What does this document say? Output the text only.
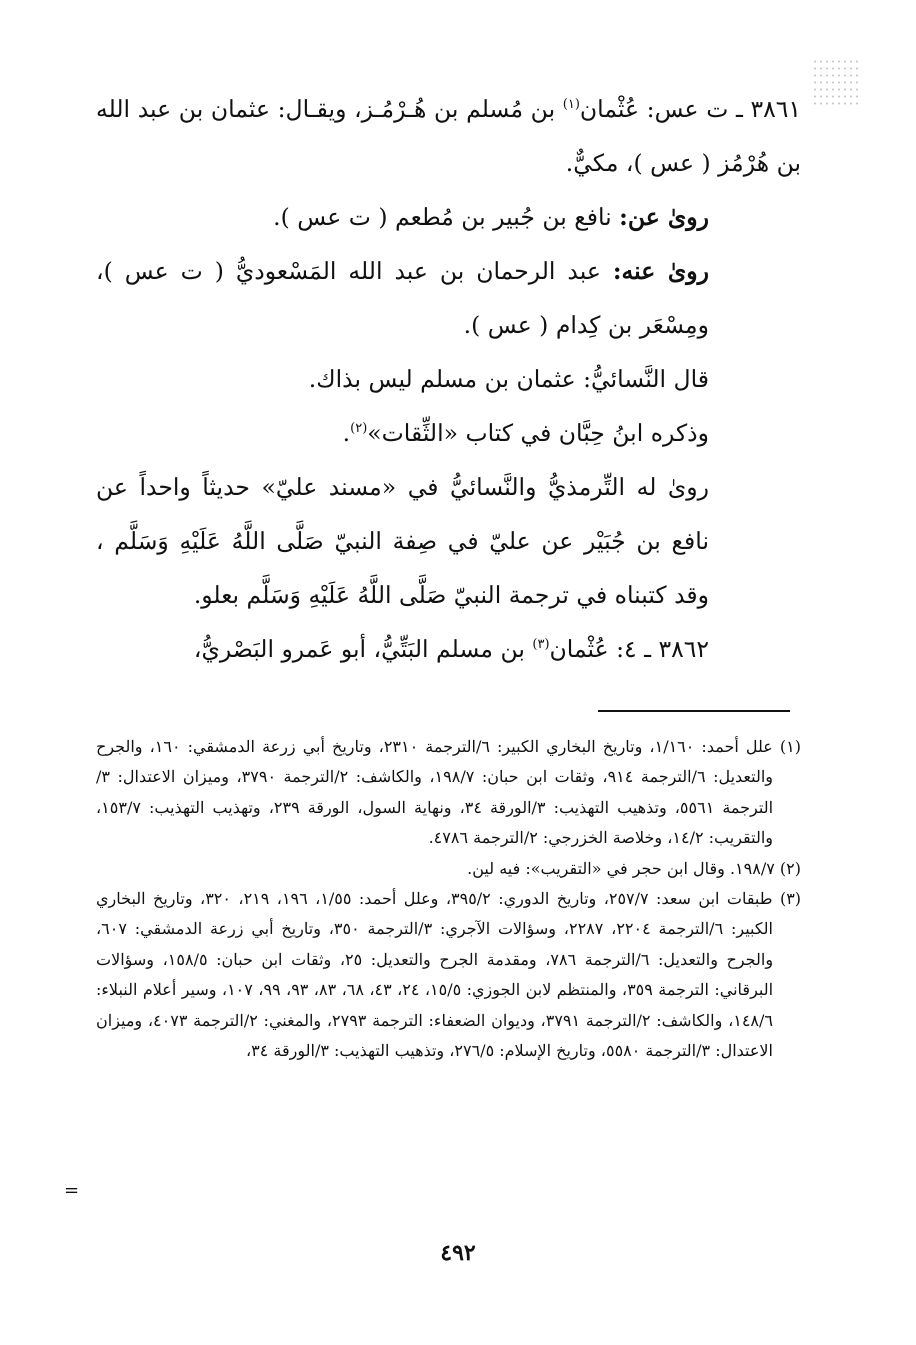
٣٨٦١ ـ ت عس: عُثْمان$^{(١)}$ بن مُسلم بن هُـرْمُـز، ويقـال: عثمان بن عبد الله بن هُرْمُز ( عس )، مكيٌّ.

روىٰ عن: نافع بن جُبير بن مُطعم ( ت عس ).

روىٰ عنه: عبد الرحمان بن عبد الله المَسْعوديُّ ( ت عس )، ومِسْعَر بن كِدام ( عس ).

قال النَّسائيُّ: عثمان بن مسلم ليس بذاك.

وذكره ابنُ حِبَّان في كتاب «الثِّقات»$^{(٢)}$.

روىٰ له التِّرمذيُّ والنَّسائيُّ في «مسند عليّ» حديثاً واحداً عن نافع بن جُبَيْر عن عليّ في صِفة النبيّ صَلَّى اللَّهُ عَلَيْهِ وَسَلَّم ، وقد كتبناه في ترجمة النبيّ صَلَّى اللَّهُ عَلَيْهِ وَسَلَّم بعلو.

٣٨٦٢ ـ ٤: عُثْمان$^{(٣)}$ بن مسلم البَتِّيُّ، أبو عَمرو البَصْريُّ،

(١) علل أحمد: ١/١٦٠، وتاريخ البخاري الكبير: ٦/الترجمة ٢٣١٠، وتاريخ أبي زرعة الدمشقي: ١٦٠، والجرح والتعديل: ٦/الترجمة ٩١٤، وثقات ابن حبان: ١٩٨/٧، والكاشف: ٢/الترجمة ٣٧٩٠، وميزان الاعتدال: ٣/الترجمة ٥٥٦١، وتذهيب التهذيب: ٣/الورقة ٣٤، ونهاية السول، الورقة ٢٣٩، وتهذيب التهذيب: ١٥٣/٧، والتقريب: ١٤/٢، وخلاصة الخزرجي: ٢/الترجمة ٤٧٨٦.

(٢) ١٩٨/٧. وقال ابن حجر في «التقريب»: فيه لين.

(٣) طبقات ابن سعد: ٢٥٧/٧، وتاريخ الدوري: ٣٩٥/٢، وعلل أحمد: ١/٥٥، ١٩٦، ٢١٩، ٣٢٠، وتاريخ البخاري الكبير: ٦/الترجمة ٢٢٠٤، ٢٢٨٧، وسؤالات الآجري: ٣/الترجمة ٣٥٠، وتاريخ أبي زرعة الدمشقي: ٦٠٧، والجرح والتعديل: ٦/الترجمة ٧٨٦، ومقدمة الجرح والتعديل: ٢٥، وثقات ابن حبان: ١٥٨/٥، وسؤالات البرقاني: الترجمة ٣٥٩، والمنتظم لابن الجوزي: ١٥/٥، ٢٤، ٤٣، ٦٨، ٨٣، ٩٣، ٩٩، ١٠٧، وسير أعلام النبلاء: ١٤٨/٦، والكاشف: ٢/الترجمة ٣٧٩١، وديوان الضعفاء: الترجمة ٢٧٩٣، والمغني: ٢/الترجمة ٤٠٧٣، وميزان الاعتدال: ٣/الترجمة ٥٥٨٠، وتاريخ الإسلام: ٢٧٦/٥، وتذهيب التهذيب: ٣/الورقة ٣٤،

=
٤٩٢
